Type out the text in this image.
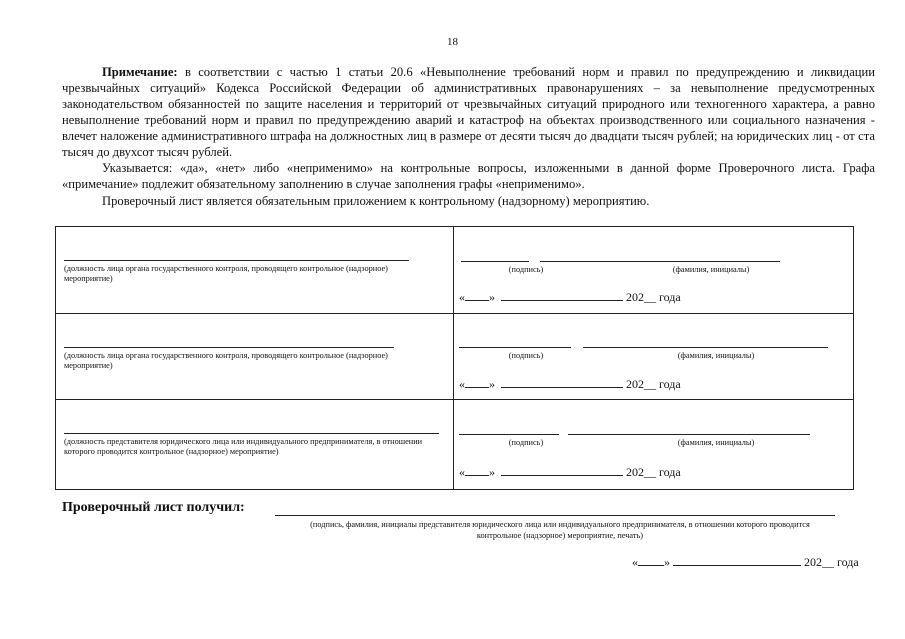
18
Примечание: в соответствии с частью 1 статьи 20.6 «Невыполнение требований норм и правил по предупреждению и ликвидации чрезвычайных ситуаций» Кодекса Российской Федерации об административных правонарушениях – за невыполнение предусмотренных законодательством обязанностей по защите населения и территорий от чрезвычайных ситуаций природного или техногенного характера, а равно невыполнение требований норм и правил по предупреждению аварий и катастроф на объектах производственного или социального назначения - влечет наложение административного штрафа на должностных лиц в размере от десяти тысяч до двадцати тысяч рублей; на юридических лиц - от ста тысяч до двухсот тысяч рублей.
Указывается: «да», «нет» либо «неприменимо» на контрольные вопросы, изложенными в данной форме Проверочного листа. Графа «примечание» подлежит обязательному заполнению в случае заполнения графы «неприменимо».
Проверочный лист является обязательным приложением к контрольному (надзорному) мероприятию.
(должность лица органа государственного контроля, проводящего контрольное (надзорное) мероприятие)
(подпись)	(фамилия, инициалы)
« »	202__ года
(должность лица органа государственного контроля, проводящего контрольное (надзорное) мероприятие)
(подпись)	(фамилия, инициалы)
« »	202__ года
(должность представителя юридического лица или индивидуального предпринимателя, в отношении которого проводится контрольное (надзорное) мероприятие)
(подпись)	(фамилия, инициалы)
« »	202__ года
Проверочный лист получил:
(подпись, фамилия, инициалы представителя юридического лица или индивидуального предпринимателя, в отношении которого проводится контрольное (надзорное) мероприятие, печать)
« »	202__ года
